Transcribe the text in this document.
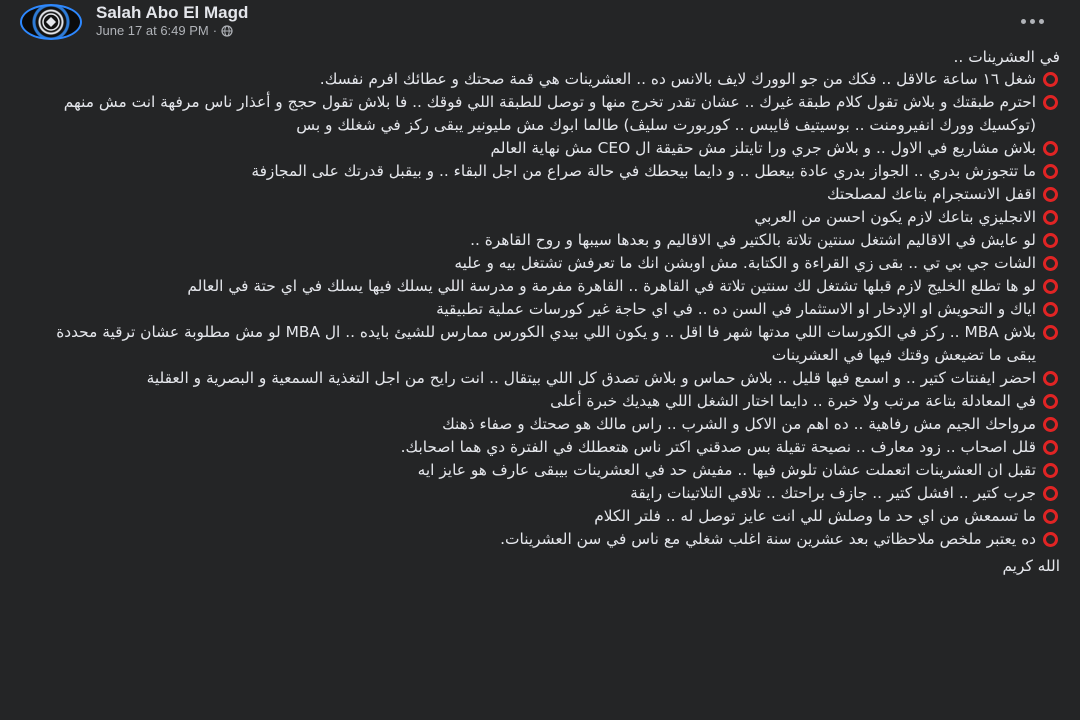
Salah Abo El Magd
June 17 at 6:49 PM ·
في العشرينات ..
شغل ١٦ ساعة عالاقل .. فكك من جو الوورك لايف بالانس ده .. العشرينات هي قمة صحتك و عطائك افرم نفسك.
احترم طبقتك و بلاش تقول كلام طبقة غيرك .. عشان تقدر تخرج منها و توصل للطبقة اللي فوقك .. فا بلاش تقول حجج و أعذار ناس مرفهة انت مش منهم (توكسيك وورك انفيرومنت .. بوسيتيف ڤايبس .. كوربورت سليڤ) طالما ابوك مش مليونير يبقى ركز في شغلك و بس
بلاش مشاريع في الاول .. و بلاش جري ورا تايتلز مش حقيقة ال CEO مش نهاية العالم
ما تتجوزش بدري .. الجواز بدري عادة بيعطل .. و دايما بيحطك في حالة صراع من اجل البقاء .. و بيقبل قدرتك على المجازفة
اقفل الانستجرام بتاعك لمصلحتك
الانجليزي بتاعك لازم يكون احسن من العربي
لو عايش في الاقاليم اشتغل سنتين تلاتة بالكتير في الاقاليم و بعدها سيبها و روح القاهرة ..
الشات جي بي تي .. بقى زي القراءة و الكتابة. مش اوبشن انك ما تعرفش تشتغل بيه و عليه
لو ها تطلع الخليج لازم قبلها تشتغل لك سنتين تلاتة في القاهرة .. القاهرة مفرمة و مدرسة اللي يسلك فيها يسلك في اي حتة في العالم
اياك و التحويش او الإدخار او الاستثمار في السن ده .. في اي حاجة غير كورسات عملية تطبيقية
بلاش MBA .. ركز في الكورسات اللي مدتها شهر فا اقل .. و يكون اللي بيدي الكورس ممارس للشيئ بايده .. ال MBA لو مش مطلوبة عشان ترقية محددة يبقى ما تضيعش وقتك فيها في العشرينات
احضر ايفنتات كتير .. و اسمع فيها قليل .. بلاش حماس و بلاش تصدق كل اللي بيتقال .. انت رايح من اجل التغذية السمعية و البصرية و العقلية
في المعادلة بتاعة مرتب ولا خبرة .. دايما اختار الشغل اللي هيديك خبرة أعلى
مرواحك الجيم مش رفاهية .. ده اهم من الاكل و الشرب .. راس مالك هو صحتك و صفاء ذهنك
قلل اصحاب .. زود معارف .. نصيحة تقيلة بس صدقني اكتر ناس هتعطلك في الفترة دي هما اصحابك.
تقبل ان العشرينات اتعملت عشان تلوش فيها .. مفيش حد في العشرينات بيبقى عارف هو عايز ايه
جرب كتير .. افشل كتير .. جازف براحتك .. تلاقي التلاتينات رايقة
ما تسمعش من اي حد ما وصلش للي انت عايز توصل له .. فلتر الكلام
ده يعتبر ملخص ملاحظاتي بعد عشرين سنة اغلب شغلي مع ناس في سن العشرينات.
الله كريم
